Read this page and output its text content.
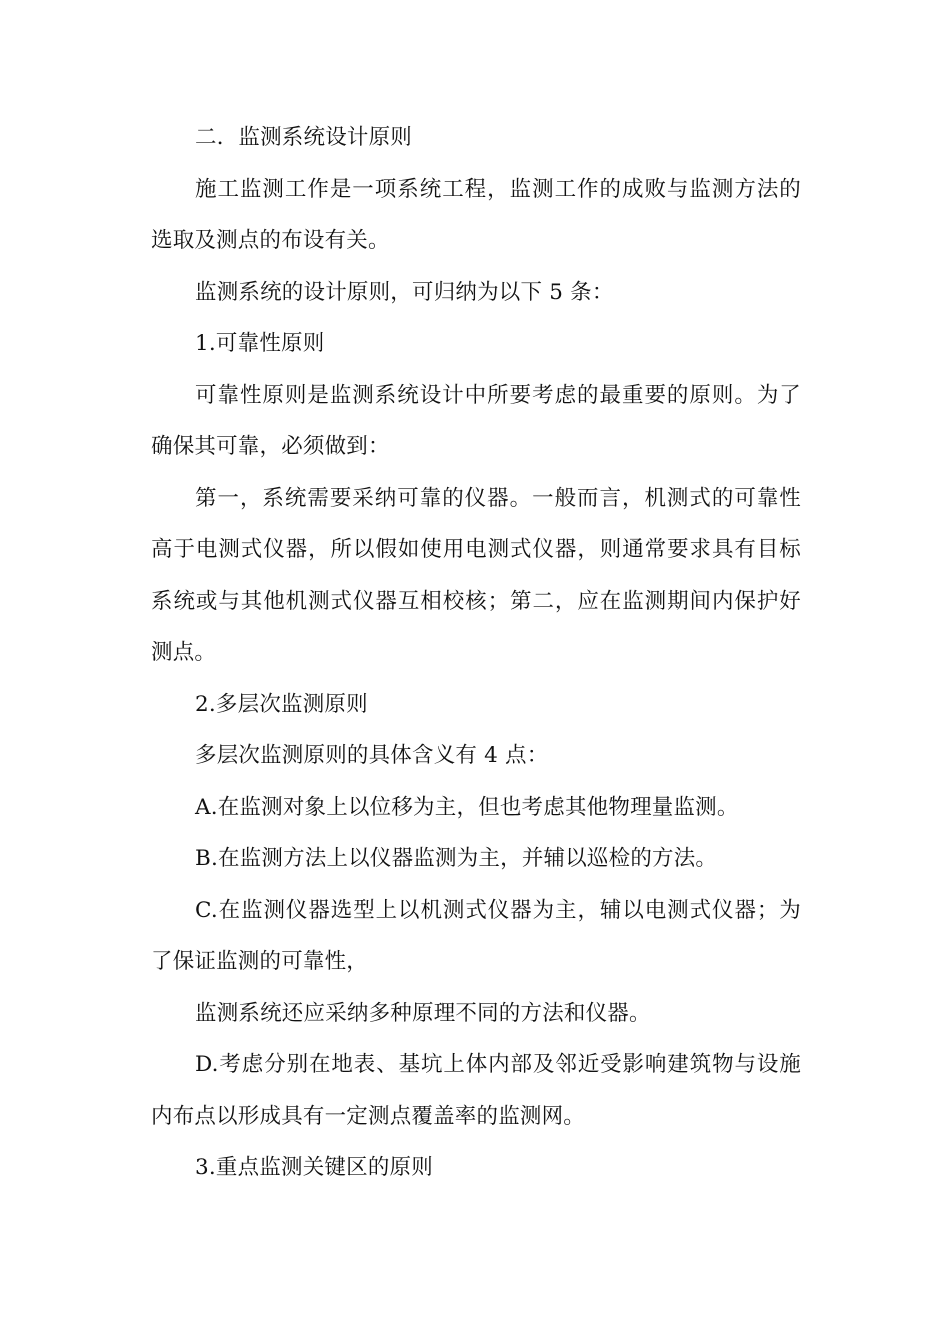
二．监测系统设计原则

施工监测工作是一项系统工程，监测工作的成败与监测方法的选取及测点的布设有关。

监测系统的设计原则，可归纳为以下 5 条：

1.可靠性原则

可靠性原则是监测系统设计中所要考虑的最重要的原则。为了确保其可靠，必须做到：

第一，系统需要采纳可靠的仪器。一般而言，机测式的可靠性高于电测式仪器，所以假如使用电测式仪器，则通常要求具有目标系统或与其他机测式仪器互相校核；第二，应在监测期间内保护好测点。

2.多层次监测原则

多层次监测原则的具体含义有 4 点：

A.在监测对象上以位移为主，但也考虑其他物理量监测。

B.在监测方法上以仪器监测为主，并辅以巡检的方法。

C.在监测仪器选型上以机测式仪器为主，辅以电测式仪器；为了保证监测的可靠性，

监测系统还应采纳多种原理不同的方法和仪器。

D.考虑分别在地表、基坑上体内部及邻近受影响建筑物与设施内布点以形成具有一定测点覆盖率的监测网。

3.重点监测关键区的原则
